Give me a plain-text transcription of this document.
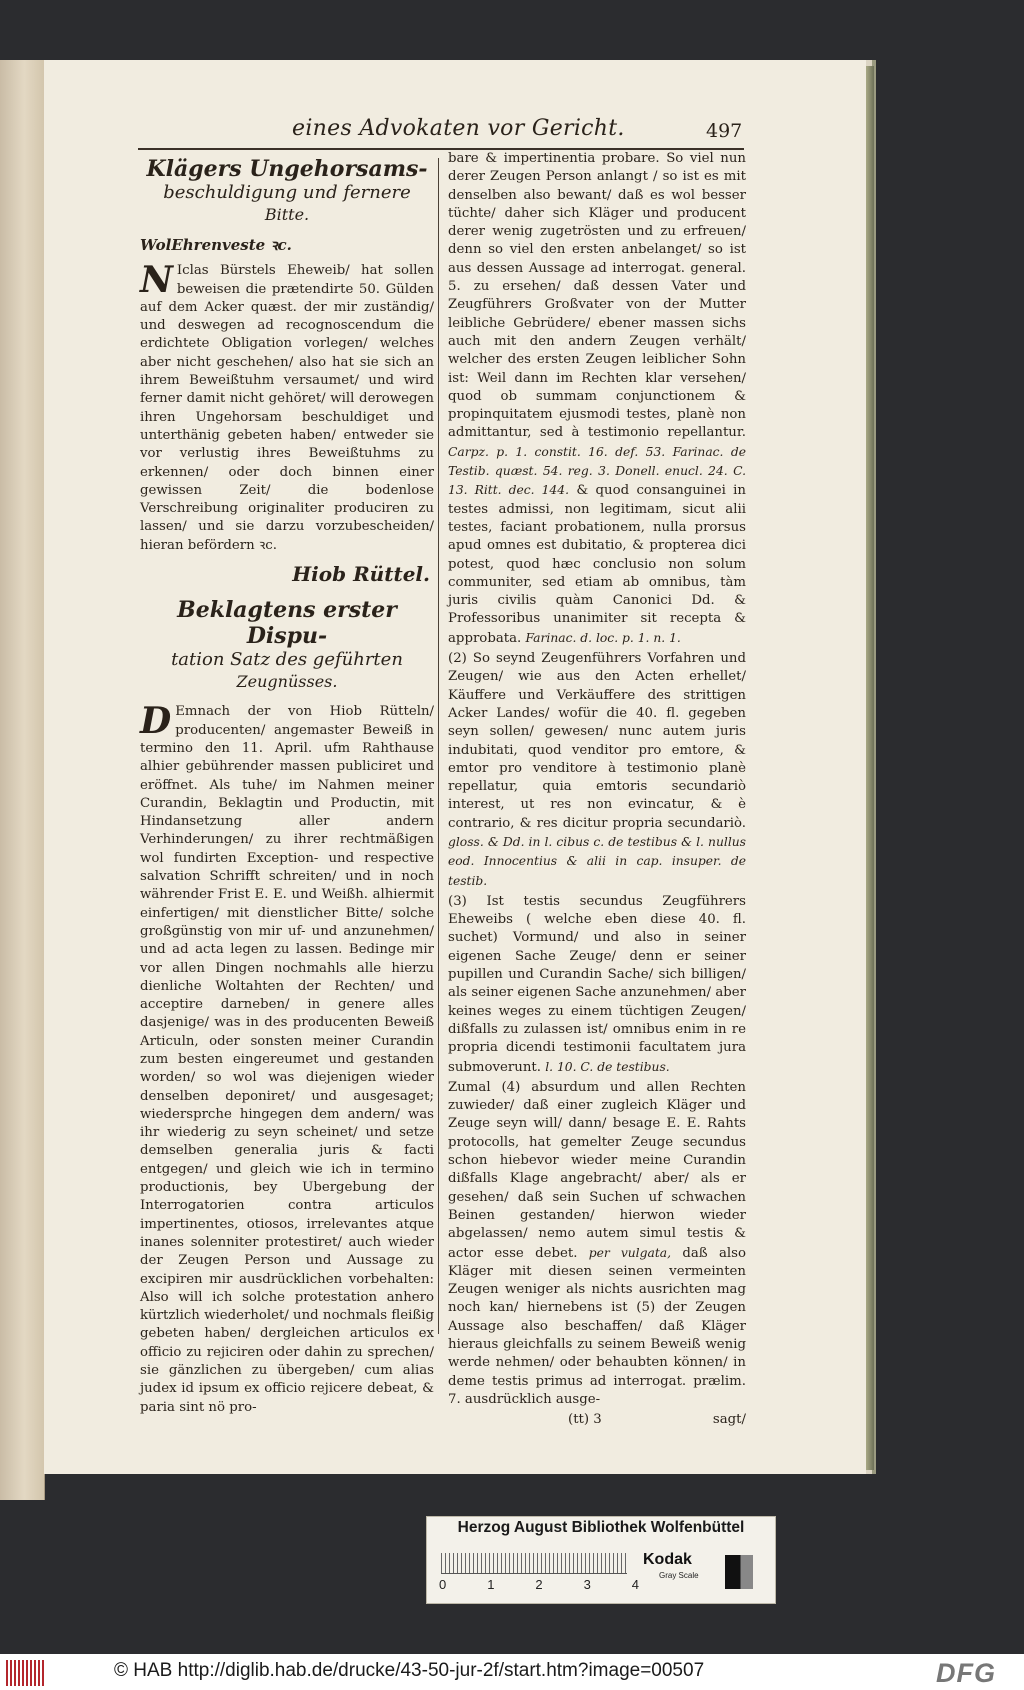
eines Advokaten vor Gericht.	497

Klägers Ungehorsams-

beschuldigung und fernere

Bitte.

WolEhrenveste ꝛc.

N Iclas Bürstels Eheweib/ hat sollen beweisen die prætendirte 50. Gülden auf dem Acker quæst. der mir zuständig/ und deswegen ad recognoscendum die erdichtete Obligation vorlegen/ welches aber nicht geschehen/ also hat sie sich an ihrem Beweißtuhm versaumet/ und wird ferner damit nicht gehöret/ will derowegen ihren Ungehorsam beschuldiget und unterthänig gebeten haben/ entweder sie vor verlustig ihres Beweißtuhms zu erkennen/ oder doch binnen einer gewissen Zeit/ die bodenlose Verschreibung originaliter produciren zu lassen/ und sie darzu vorzubescheiden/ hieran befördern ꝛc.

Hiob Rüttel.

Beklagtens erster Dispu-

tation Satz des geführten

Zeugnüsses.

D Emnach der von Hiob Rütteln/ producenten/ angemaster Beweiß in termino den 11. April. ufm Rahthause alhier gebührender massen publiciret und eröffnet. Als tuhe/ im Nahmen meiner Curandin, Beklagtin und Productin, mit Hindansetzung aller andern Verhinderungen/ zu ihrer rechtmäßigen wol fundirten Exception- und respective salvation Schrifft schreiten/ und in noch währender Frist E. E. und Weißh. alhiermit einfertigen/ mit dienstlicher Bitte/ solche großgünstig von mir uf- und anzunehmen/ und ad acta legen zu lassen. Bedinge mir vor allen Dingen nochmahls alle hierzu dienliche Woltahten der Rechten/ und acceptire darneben/ in genere alles dasjenige/ was in des producenten Beweiß Articuln, oder sonsten meiner Curandin zum besten eingereumet und gestanden worden/ so wol was diejenigen wieder denselben deponiret/ und ausgesaget; wiedersprche hingegen dem andern/ was ihr wiederig zu seyn scheinet/ und setze demselben generalia juris & facti entgegen/ und gleich wie ich in termino productionis, bey Ubergebung der Interrogatorien contra articulos impertinentes, otiosos, irrelevantes atque inanes solenniter protestiret/ auch wieder der Zeugen Person und Aussage zu excipiren mir ausdrücklichen vorbehalten: Also will ich solche protestation anhero kürtzlich wiederholet/ und nochmals fleißig gebeten haben/ dergleichen articulos ex officio zu rejiciren oder dahin zu sprechen/ sie gänzlichen zu übergeben/ cum alias judex id ipsum ex officio rejicere debeat, & paria sint nö pro-

bare & impertinentia probare. So viel nun derer Zeugen Person anlangt / so ist es mit denselben also bewant/ daß es wol besser tüchte/ daher sich Kläger und producent derer wenig zugetrösten und zu erfreuen/ denn so viel den ersten anbelanget/ so ist aus dessen Aussage ad interrogat. general. 5. zu ersehen/ daß dessen Vater und Zeugführers Großvater von der Mutter leibliche Gebrüdere/ ebener massen sichs auch mit den andern Zeugen verhält/ welcher des ersten Zeugen leiblicher Sohn ist: Weil dann im Rechten klar versehen/ quod ob summam conjunctionem & propinquitatem ejusmodi testes, planè non admittantur, sed à testimonio repellantur. Carpz. p. 1. constit. 16. def. 53. Farinac. de Testib. quæst. 54. reg. 3. Donell. enucl. 24. C. 13. Ritt. dec. 144. & quod consanguinei in testes admissi, non legitimam, sicut alii testes, faciant probationem, nulla prorsus apud omnes est dubitatio, & propterea dici potest, quod hæc conclusio non solum communiter, sed etiam ab omnibus, tàm juris civilis quàm Canonici Dd. & Professoribus unanimiter sit recepta & approbata. Farinac. d. loc. p. 1. n. 1.

(2) So seynd Zeugenführers Vorfahren und Zeugen/ wie aus den Acten erhellet/ Käuffere und Verkäuffere des strittigen Acker Landes/ wofür die 40. fl. gegeben seyn sollen/ gewesen/ nunc autem juris indubitati, quod venditor pro emtore, & emtor pro venditore à testimonio planè repellatur, quia emtoris secundariò interest, ut res non evincatur, & è contrario, & res dicitur propria secundariò. gloss. & Dd. in l. cibus c. de testibus & l. nullus eod. Innocentius & alii in cap. insuper. de testib.

(3) Ist testis secundus Zeugführers Eheweibs ( welche eben diese 40. fl. suchet) Vormund/ und also in seiner eigenen Sache Zeuge/ denn er seiner pupillen und Curandin Sache/ sich billigen/ als seiner eigenen Sache anzunehmen/ aber keines weges zu einem tüchtigen Zeugen/ dißfalls zu zulassen ist/ omnibus enim in re propria dicendi testimonii facultatem jura submoverunt. l. 10. C. de testibus.

Zumal (4) absurdum und allen Rechten zuwieder/ daß einer zugleich Kläger und Zeuge seyn will/ dann/ besage E. E. Rahts protocolls, hat gemelter Zeuge secundus schon hiebevor wieder meine Curandin dißfalls Klage angebracht/ aber/ als er gesehen/ daß sein Suchen uf schwachen Beinen gestanden/ hierwon wieder abgelassen/ nemo autem simul testis & actor esse debet. per vulgata, daß also Kläger mit diesen seinen vermeinten Zeugen weniger als nichts ausrichten mag noch kan/ hiernebens ist (5) der Zeugen Aussage also beschaffen/ daß Kläger hieraus gleichfalls zu seinem Beweiß wenig werde nehmen/ oder behaubten können/ in deme testis primus ad interrogat. prælim. 7. ausdrücklich ausge-

(tt) 3	sagt/
Herzog August Bibliothek Wolfenbüttel
0	1	2	3	4
Kodak
Gray Scale
© HAB http://diglib.hab.de/drucke/43-50-jur-2f/start.htm?image=00507	DFG
